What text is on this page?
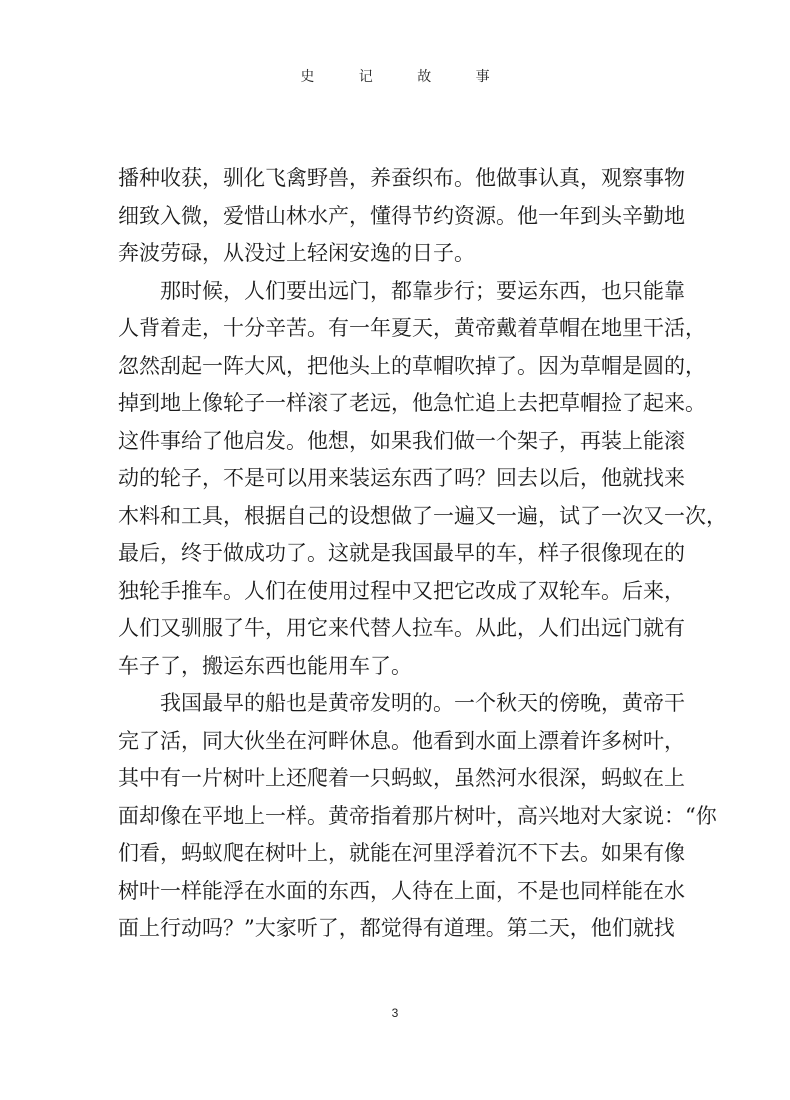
史 记 故 事
播种收获，驯化飞禽野兽，养蚕织布。他做事认真，观察事物
细致入微，爱惜山林水产，懂得节约资源。他一年到头辛勤地
奔波劳碌，从没过上轻闲安逸的日子。
那时候，人们要出远门，都靠步行；要运东西，也只能靠
人背着走，十分辛苦。有一年夏天，黄帝戴着草帽在地里干活，
忽然刮起一阵大风，把他头上的草帽吹掉了。因为草帽是圆的，
掉到地上像轮子一样滚了老远，他急忙追上去把草帽捡了起来。
这件事给了他启发。他想，如果我们做一个架子，再装上能滚
动的轮子，不是可以用来装运东西了吗？回去以后，他就找来
木料和工具，根据自己的设想做了一遍又一遍，试了一次又一次，
最后，终于做成功了。这就是我国最早的车，样子很像现在的
独轮手推车。人们在使用过程中又把它改成了双轮车。后来，
人们又驯服了牛，用它来代替人拉车。从此，人们出远门就有
车子了，搬运东西也能用车了。
我国最早的船也是黄帝发明的。一个秋天的傍晚，黄帝干
完了活，同大伙坐在河畔休息。他看到水面上漂着许多树叶，
其中有一片树叶上还爬着一只蚂蚁，虽然河水很深，蚂蚁在上
面却像在平地上一样。黄帝指着那片树叶，高兴地对大家说：“你
们看，蚂蚁爬在树叶上，就能在河里浮着沉不下去。如果有像
树叶一样能浮在水面的东西，人待在上面，不是也同样能在水
面上行动吗？”大家听了，都觉得有道理。第二天，他们就找
3
